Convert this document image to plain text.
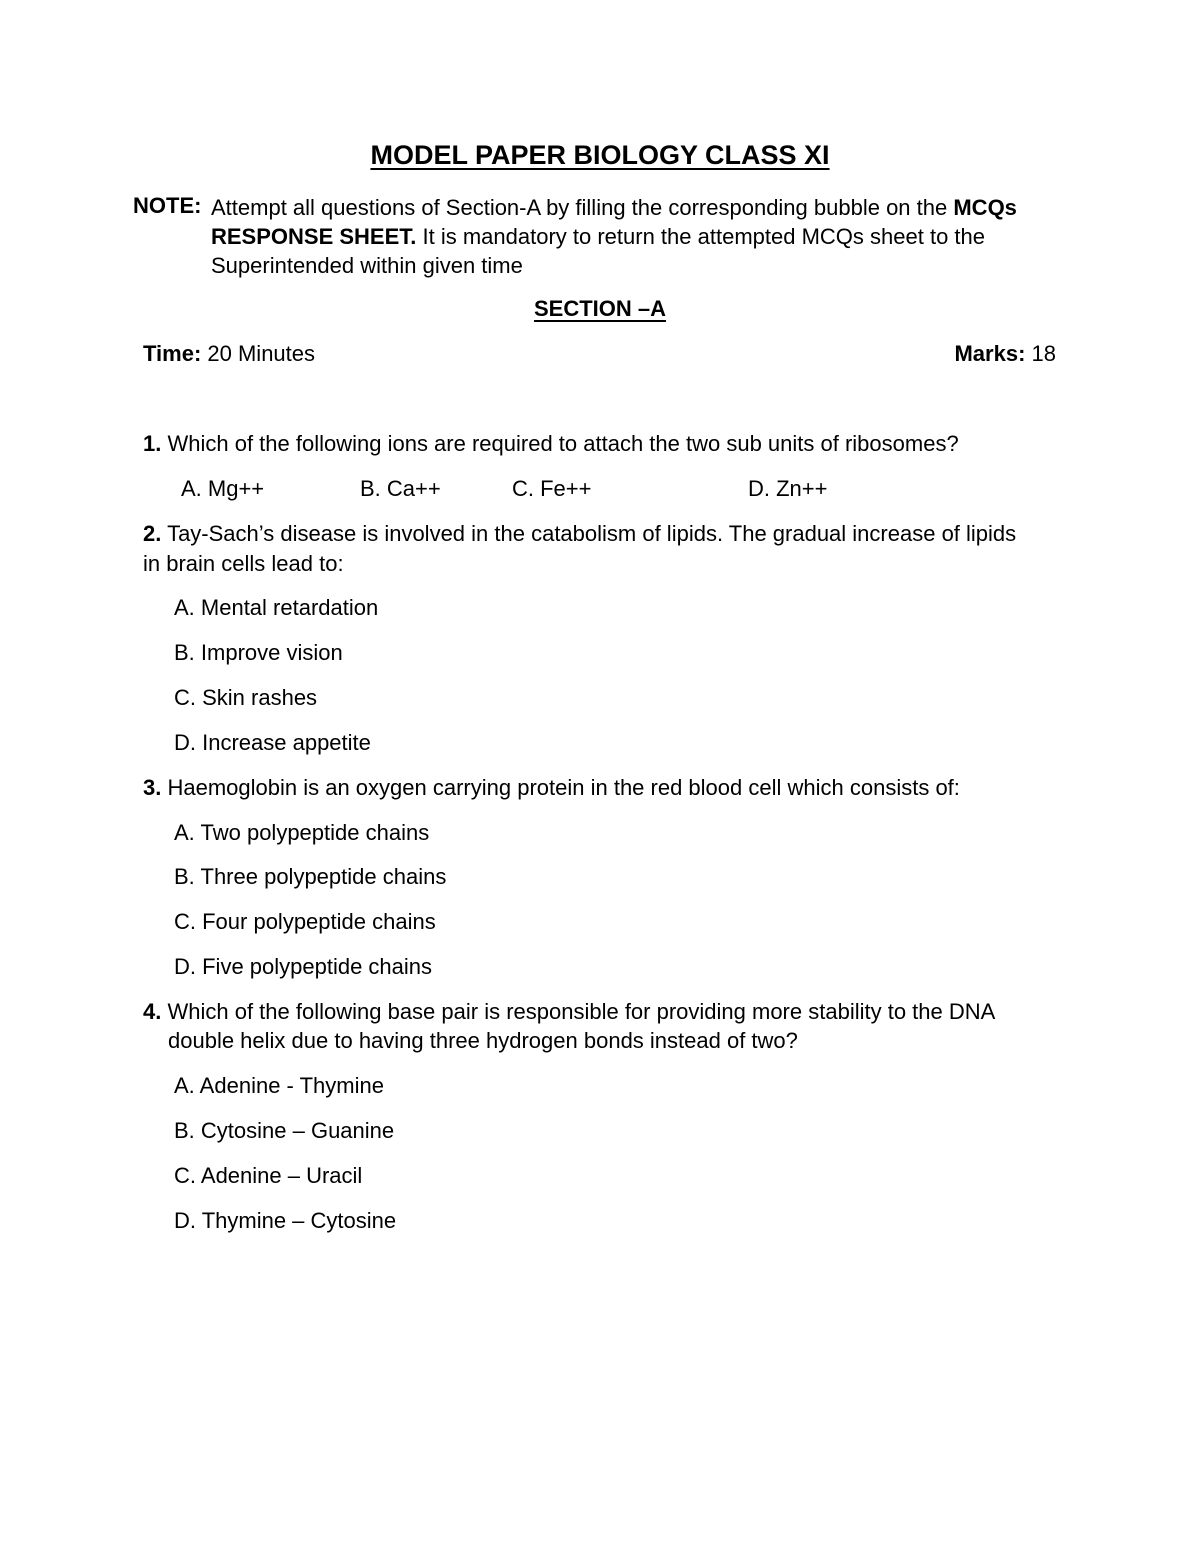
MODEL PAPER BIOLOGY CLASS XI
NOTE: Attempt all questions of Section-A by filling the corresponding bubble on the MCQs
RESPONSE SHEET. It is mandatory to return the attempted MCQs sheet to the
Superintended within given time
SECTION –A
Time: 20 Minutes	Marks: 18
1. Which of the following ions are required to attach the two sub units of ribosomes?
A. Mg++	B. Ca++	C. Fe++	D. Zn++
2. Tay-Sach’s disease is involved in the catabolism of lipids. The gradual increase of lipids
in brain cells lead to:
A. Mental retardation
B. Improve vision
C. Skin rashes
D. Increase appetite
3. Haemoglobin is an oxygen carrying protein in the red blood cell which consists of:
A. Two polypeptide chains
B. Three polypeptide chains
C. Four polypeptide chains
D. Five polypeptide chains
4. Which of the following base pair is responsible for providing more stability to the DNA
double helix due to having three hydrogen bonds instead of two?
A. Adenine - Thymine
B. Cytosine – Guanine
C. Adenine – Uracil
D. Thymine – Cytosine
